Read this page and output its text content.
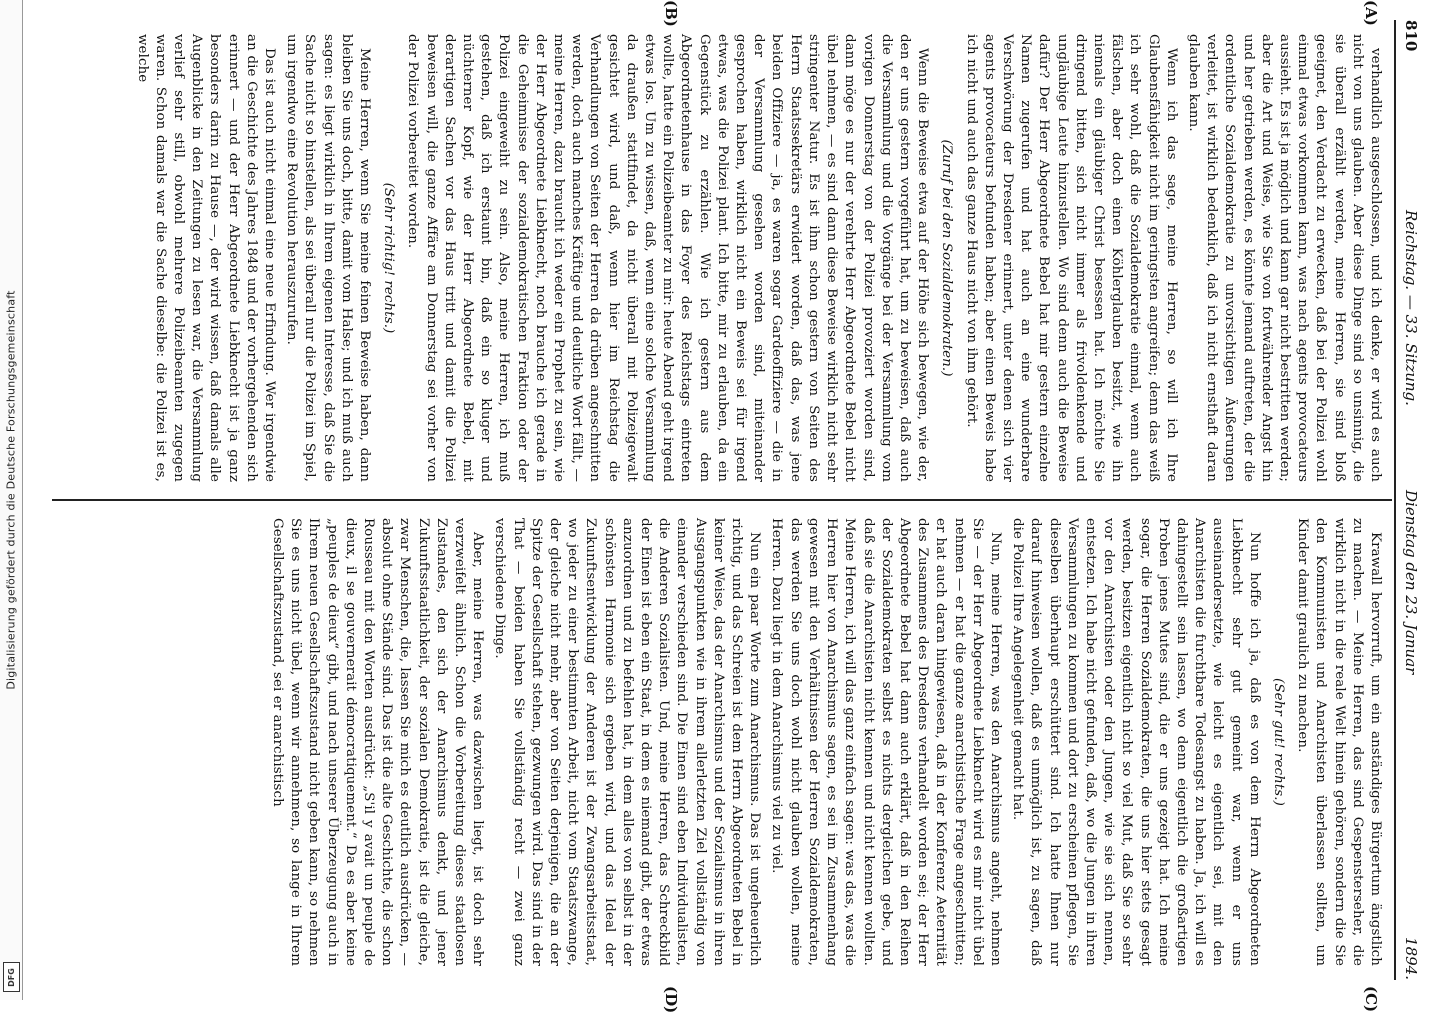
Digitalisierung gefördert durch die Deutsche Forschungsgemeinschaft
DFG
810
Reichstag. — 33. Sitzung.
Dienstag den 23. Januar
1894.
(A)
(B)
(C)
(D)

verhandlich ausgeschlossen, und ich denke, er wird es auch nicht von uns glauben. Aber diese Dinge sind so unsinnig, die sie überall erzählt werden, meine Herren, sie sind bloß geeignet, den Verdacht zu erwecken, daß bei der Polizei wohl einmal etwas vorkommen kann, was nach agents provocateurs aussieht. Es ist ja möglich und kann gar nicht bestritten werden; aber die Art und Weise, wie Sie von fortwährender Angst hin und her getrieben werden, es könnte jemand auftreten, der die ordentliche Sozialdemokratie zu unvorsichtigen Äußerungen verleitet, ist wirklich bedenklich, daß ich nicht ernsthaft daran glauben kann.

Wenn ich das sage, meine Herren, so will ich Ihre Glaubensfähigkeit nicht im geringsten angreifen; denn das weiß ich sehr wohl, daß die Sozialdemokratie einmal, wenn auch fälschen, aber doch einen Köhlerglauben besitzt, wie ihn niemals ein gläubiger Christ besessen hat. Ich möchte Sie dringend bitten, sich nicht immer als frivoldenkende und ungläubige Leute hinzustellen. Wo sind denn auch die Beweise dafür? Der Herr Abgeordnete Bebel hat mir gestern einzelne Namen zugerufen und hat auch an eine wunderbare Verschwörung der Dresdener erinnert, unter denen sich vier agents provocateurs befunden haben; aber einen Beweis habe ich nicht und auch das ganze Haus nicht von ihm gehört.

(Zuruf bei den Sozialdemokraten.)

Wenn die Beweise etwa auf der Höhe sich bewegen, wie der, den er uns gestern vorgeführt hat, um zu beweisen, daß auch die Versammlung und die Vorgänge bei der Versammlung vom vorigen Donnerstag von der Polizei provoziert worden sind, dann möge es nur der verehrte Herr Abgeordnete Bebel nicht übel nehmen, — es sind dann diese Beweise wirklich nicht sehr stringenter Natur. Es ist ihm schon gestern von Seiten des Herrn Staatssekretärs erwidert worden, daß das, was jene beiden Offiziere — ja, es waren sogar Gardeoffiziere — die in der Versammlung gesehen worden sind, miteinander gesprochen haben, wirklich nicht ein Beweis sei für irgend etwas, was die Polizei plant. Ich bitte, mir zu erlauben, da ein Gegenstück zu erzählen. Wie ich gestern aus dem Abgeordnetenhause in das Foyer des Reichstags eintreten wollte, hatte ein Polizeibeamter zu mir: heute Abend geht irgend etwas los. Um zu wissen, daß, wenn eine solche Versammlung da draußen stattfindet, da nicht überall mit Polizeigewalt gesichtet wird, und daß, wenn hier im Reichstag die Verhandlungen von Seiten der Herren da drüben angeschnitten werden, doch auch manches Kräftige und deutliche Wort fällt, — meine Herren, dazu braucht ich weder ein Prophet zu sein, wie der Herr Abgeordnete Liebknecht, noch brauche ich gerade in die Geheimnisse der sozialdemokratischen Fraktion oder der Polizei eingeweiht zu sein. Also, meine Herren, ich muß gestehen, daß ich erstaunt bin, daß ein so kluger und nüchterner Kopf, wie der Herr Abgeordnete Bebel, mit derartigen Sachen vor das Haus tritt und damit die Polizei beweisen will, die ganze Affäre am Donnerstag sei vorher von der Polizei vorbereitet worden.

(Sehr richtig! rechts.)

Meine Herren, wenn Sie meine feinen Beweise haben, dann bleiben Sie uns doch, bitte, damit vom Halse; und ich muß auch sagen: es liegt wirklich in Ihrem eigenen Interesse, daß Sie die Sache nicht so hinstellen, als sei überall nur die Polizei im Spiel, um irgendwo eine Revolution herauszurufen.

Das ist auch nicht einmal eine neue Erfindung. Wer irgendwie an die Geschichte des Jahres 1848 und der vorhergehenden sich erinnert — und der Herr Abgeordnete Liebknecht ist ja ganz besonders darin zu Hause —, der wird wissen, daß damals alle Augenblicke in den Zeitungen zu lesen war, die Versammlung verlief sehr still, obwohl mehrere Polizeibeamten zugegen waren. Schon damals war die Sache dieselbe: die Polizei ist es, welche

Krawall hervorruft, um ein anständiges Bürgertum ängstlich zu machen. — Meine Herren, das sind Gespensterseher, die wirklich nicht in die reale Welt hinein gehören, sondern die Sie den Kommunisten und Anarchisten überlassen sollten, um Kinder damit graulich zu machen.

(Sehr gut! rechts.)

Nun hoffe ich ja, daß es von dem Herrn Abgeordneten Liebknecht sehr gut gemeint war, wenn er uns auseinandersetzte, wie leicht es eigentlich sei, mit den Anarchisten die furchtbare Todesangst zu haben. Ja, ich will es dahingestellt sein lassen, wo denn eigentlich die großartigen Proben jenes Mutes sind, die er uns gezeigt hat. Ich meine sogar, die Herren Sozialdemokraten, die uns hier stets gesagt werden, besitzen eigentlich nicht so viel Mut, daß Sie so sehr vor den Anarchisten oder den Jungen, wie sie sich nennen, entsetzen. Ich habe nicht gefunden, daß, wo die Jungen in ihren Versammlungen zu kommen und dort zu erscheinen pflegen, Sie dieselben überhaupt erschüttert sind. Ich hatte Ihnen nur darauf hinweisen wollen, daß es unmöglich ist, zu sagen, daß die Polizei Ihre Angelegenheit gemacht hat.

Nun, meine Herren, was den Anarchismus angeht, nehmen Sie — der Herr Abgeordnete Liebknecht wird es mir nicht übel nehmen — er hat die ganze anarchistische Frage angeschnitten; er hat auch daran hingewiesen, daß in der Konferenz Aeternität des Zusammens des Dresdens verhandelt worden sei; der Herr Abgeordnete Bebel hat dann auch erklärt, daß in den Reihen der Sozialdemokraten selbst es nichts dergleichen gebe, und daß sie die Anarchisten nicht kennen und nicht kennen wollten. Meine Herren, ich will das ganz einfach sagen: was das, was die Herren hier von Anarchismus sagen, es sei im Zusammenhang gewesen mit den Verhältnissen der Herren Sozialdemokraten, das werden Sie uns doch wohl nicht glauben wollen, meine Herren. Dazu liegt in dem Anarchismus viel zu viel.

Nun ein paar Worte zum Anarchismus. Das ist ungeheuerlich richtig, und das Schreien ist dem Herrn Abgeordneten Bebel in keiner Weise, das der Anarchismus und der Sozialismus in ihren Ausgangspunkten wie in ihrem allerletzten Ziel vollständig von einander verschieden sind. Die Einen sind eben Individualisten, die Anderen Sozialisten. Und, meine Herren, das Schreckbild der Einen ist eben ein Staat, in dem es niemand gibt, der etwas anzuordnen und zu befehlen hat, in dem alles von selbst in der schönsten Harmonie sich ergeben wird, und das Ideal der Zukunftsentwicklung der Anderen ist der Zwangsarbeitsstaat, wo jeder zu einer bestimmten Arbeit, nicht vom Staatszwange, der gleiche nicht mehr, aber von Seiten derjenigen, die an der Spitze der Gesellschaft stehen, gezwungen wird. Das sind in der That — beiden haben Sie vollständig recht — zwei ganz verschiedene Dinge.

Aber, meine Herren, was dazwischen liegt, ist doch sehr verzweifelt ähnlich. Schon die Vorbereitung dieses staatlosen Zustandes, den sich der Anarchismus denkt, und jener Zukunftsstaatlichkeit, der sozialen Demokratie, ist die gleiche, zwar Menschen, die, lassen Sie mich es deutlich ausdrücken, — absolut ohne Stände sind. Das ist die alte Geschichte, die schon Rousseau mit den Worten ausdrückt: „S'il y avait un peuple de dieux, il se gouvernerait démocratiquement.“ Da es aber keine „peuples de dieux“ gibt, und nach unserer Überzeugung auch in Ihrem neuen Gesellschaftszustand nicht geben kann, so nehmen Sie es uns nicht übel, wenn wir annehmen, so lange in Ihrem Gesellschaftszustand, sei er anarchistisch
